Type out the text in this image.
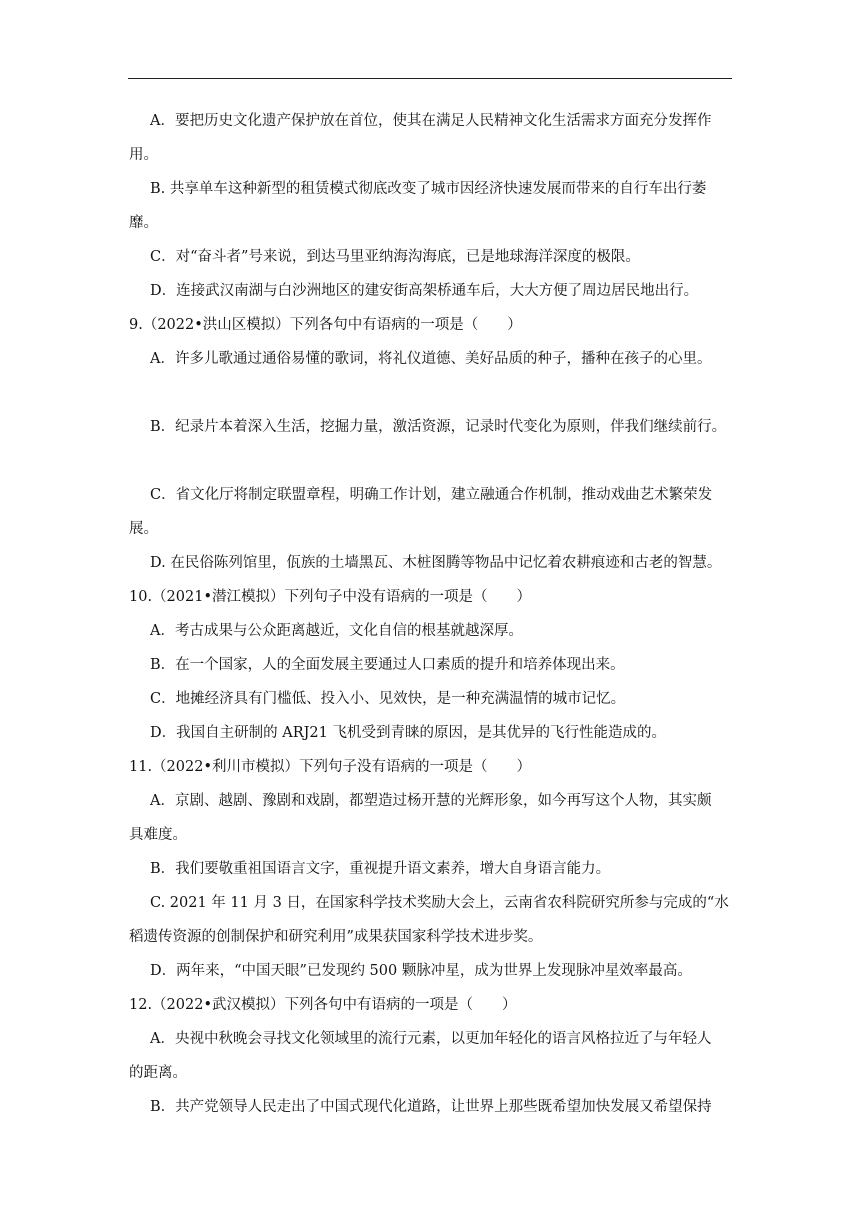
A．要把历史文化遗产保护放在首位，使其在满足人民精神文化生活需求方面充分发挥作
用。
B. 共享单车这种新型的租赁模式彻底改变了城市因经济快速发展而带来的自行车出行萎
靡。
C．对“奋斗者”号来说，到达马里亚纳海沟海底，已是地球海洋深度的极限。
D．连接武汉南湖与白沙洲地区的建安街高架桥通车后，大大方便了周边居民地出行。
9.（2022•洪山区模拟）下列各句中有语病的一项是（　　）
A．许多儿歌通过通俗易懂的歌词，将礼仪道德、美好品质的种子，播种在孩子的心里。
B．纪录片本着深入生活，挖掘力量，激活资源，记录时代变化为原则，伴我们继续前行。
C．省文化厅将制定联盟章程，明确工作计划，建立融通合作机制，推动戏曲艺术繁荣发
展。
D. 在民俗陈列馆里，佤族的土墙黑瓦、木桩图腾等物品中记忆着农耕痕迹和古老的智慧。
10.（2021•潜江模拟）下列句子中没有语病的一项是（　　）
A．考古成果与公众距离越近，文化自信的根基就越深厚。
B．在一个国家，人的全面发展主要通过人口素质的提升和培养体现出来。
C．地摊经济具有门槛低、投入小、见效快，是一种充满温情的城市记忆。
D．我国自主研制的 ARJ21 飞机受到青睐的原因，是其优异的飞行性能造成的。
11.（2022•利川市模拟）下列句子没有语病的一项是（　　）
A．京剧、越剧、豫剧和戏剧，都塑造过杨开慧的光辉形象，如今再写这个人物，其实颇
具难度。
B．我们要敬重祖国语言文字，重视提升语文素养，增大自身语言能力。
C. 2021 年 11 月 3 日，在国家科学技术奖励大会上，云南省农科院研究所参与完成的“水
稻遗传资源的创制保护和研究利用”成果获国家科学技术进步奖。
D．两年来，“中国天眼”已发现约 500 颗脉冲星，成为世界上发现脉冲星效率最高。
12.（2022•武汉模拟）下列各句中有语病的一项是（　　）
A．央视中秋晚会寻找文化领域里的流行元素，以更加年轻化的语言风格拉近了与年轻人
的距离。
B．共产党领导人民走出了中国式现代化道路，让世界上那些既希望加快发展又希望保持
